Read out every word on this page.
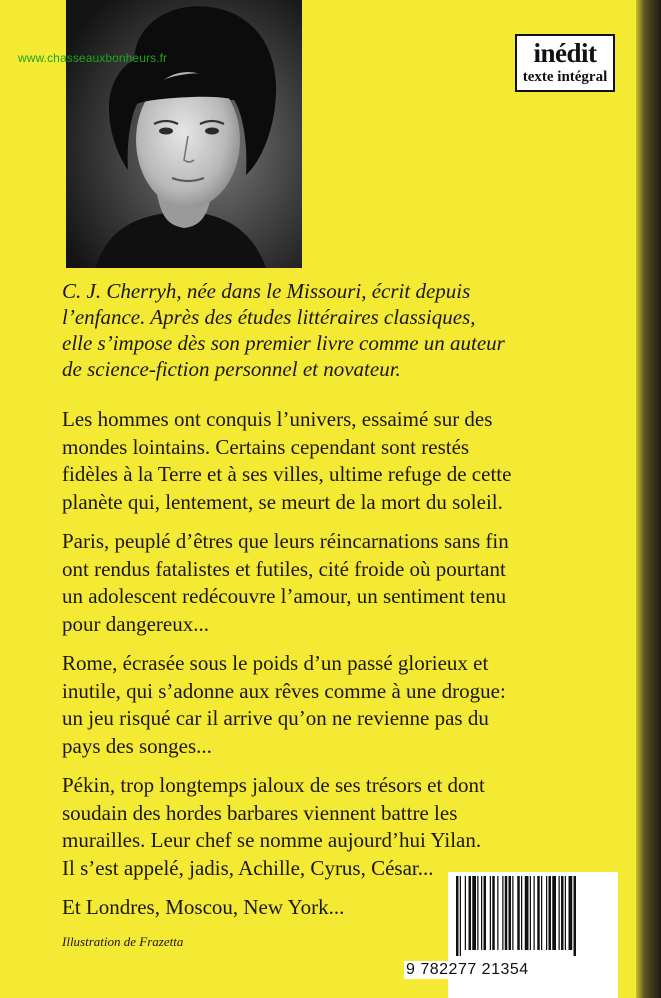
www.chasseauxbonheurs.fr	inédit
texte intégral
C. J. Cherryh, née dans le Missouri, écrit depuis
l’enfance. Après des études littéraires classiques,
elle s’impose dès son premier livre comme un auteur
de science-fiction personnel et novateur.
Les hommes ont conquis l’univers, essaimé sur des
mondes lointains. Certains cependant sont restés
fidèles à la Terre et à ses villes, ultime refuge de cette
planète qui, lentement, se meurt de la mort du soleil.
Paris, peuplé d’êtres que leurs réincarnations sans fin
ont rendus fatalistes et futiles, cité froide où pourtant
un adolescent redécouvre l’amour, un sentiment tenu
pour dangereux...
Rome, écrasée sous le poids d’un passé glorieux et
inutile, qui s’adonne aux rêves comme à une drogue:
un jeu risqué car il arrive qu’on ne revienne pas du
pays des songes...
Pékin, trop longtemps jaloux de ses trésors et dont
soudain des hordes barbares viennent battre les
murailles. Leur chef se nomme aujourd’hui Yilan.
Il s’est appelé, jadis, Achille, Cyrus, César...
Et Londres, Moscou, New York...
Illustration de Frazetta
9 782277 21354
